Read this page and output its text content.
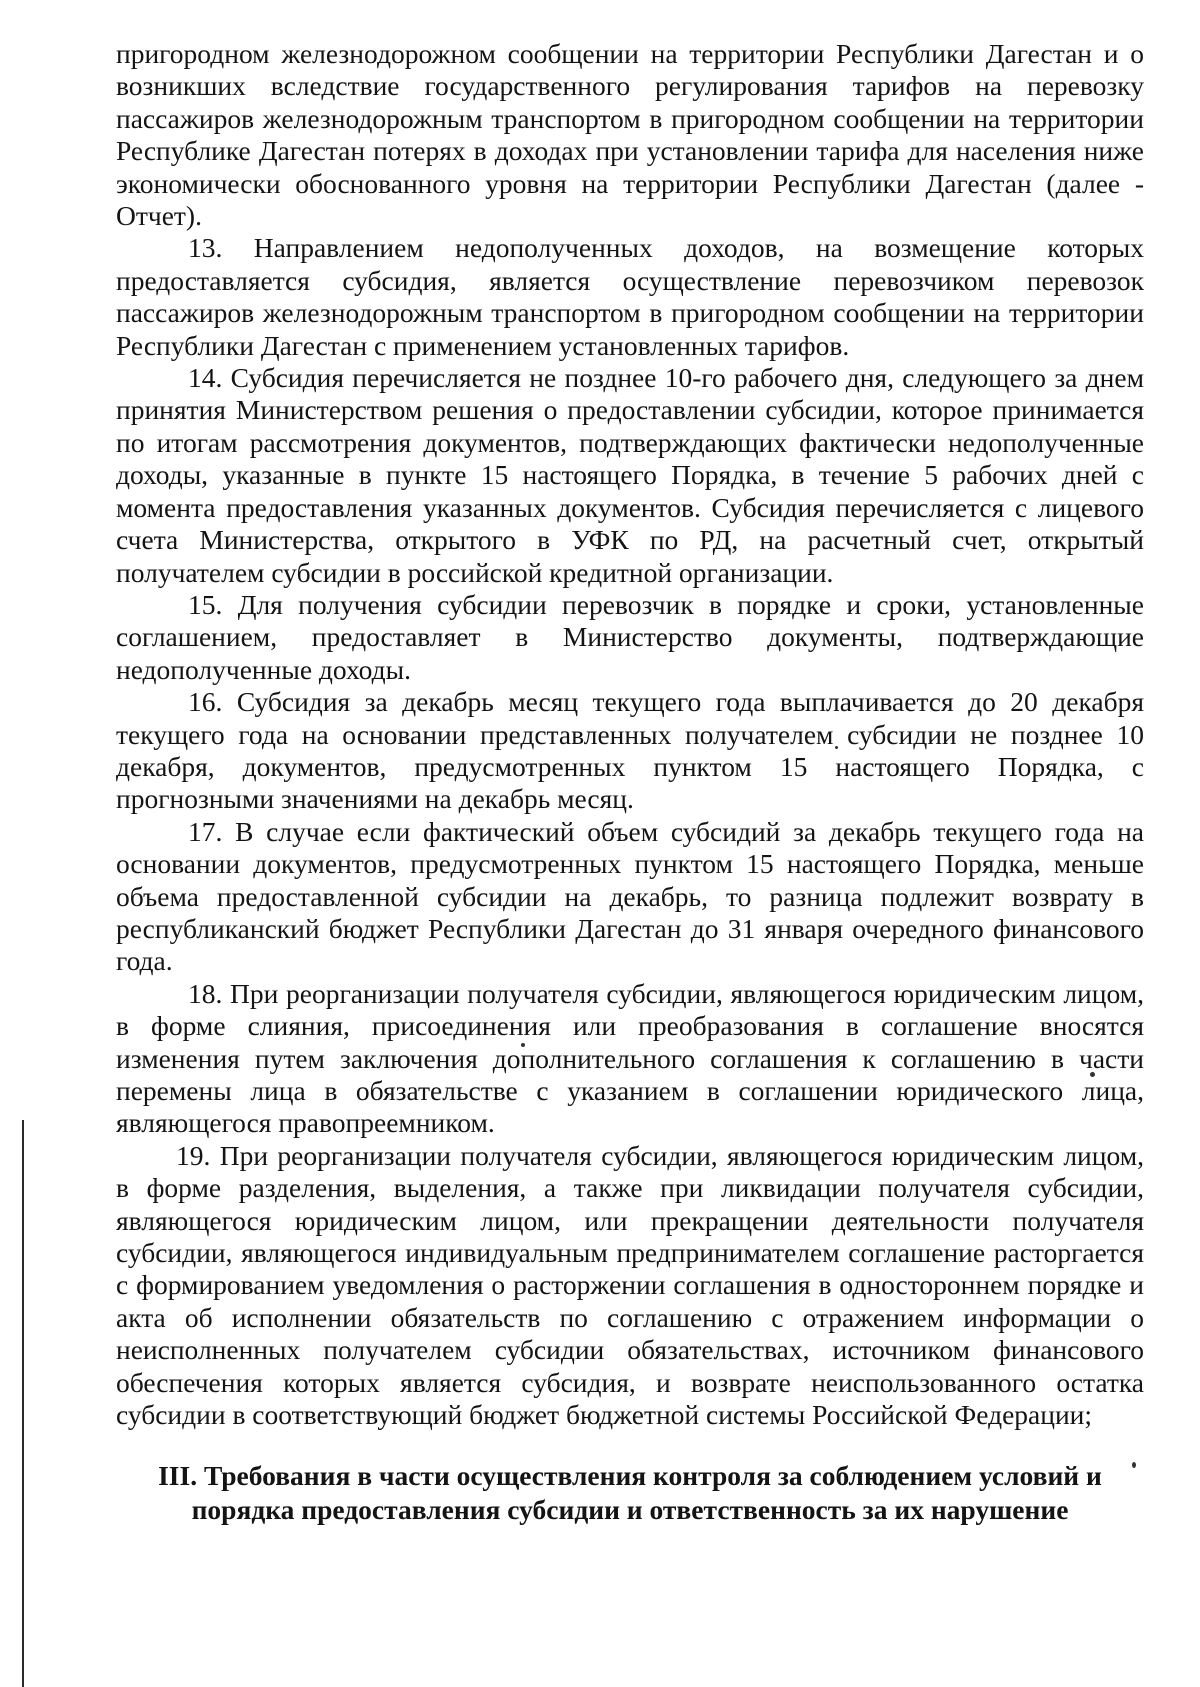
пригородном железнодорожном сообщении на территории Республики Дагестан и о возникших вследствие государственного регулирования тарифов на перевозку пассажиров железнодорожным транспортом в пригородном сообщении на территории Республике Дагестан потерях в доходах при установлении тарифа для населения ниже экономически обоснованного уровня на территории Республики Дагестан (далее - Отчет).

13. Направлением недополученных доходов, на возмещение которых предоставляется субсидия, является осуществление перевозчиком перевозок пассажиров железнодорожным транспортом в пригородном сообщении на территории Республики Дагестан с применением установленных тарифов.

14. Субсидия перечисляется не позднее 10-го рабочего дня, следующего за днем принятия Министерством решения о предоставлении субсидии, которое принимается по итогам рассмотрения документов, подтверждающих фактически недополученные доходы, указанные в пункте 15 настоящего Порядка, в течение 5 рабочих дней с момента предоставления указанных документов. Субсидия перечисляется с лицевого счета Министерства, открытого в УФК по РД, на расчетный счет, открытый получателем субсидии в российской кредитной организации.

15. Для получения субсидии перевозчик в порядке и сроки, установленные соглашением, предоставляет в Министерство документы, подтверждающие недополученные доходы.

16. Субсидия за декабрь месяц текущего года выплачивается до 20 декабря текущего года на основании представленных получателем субсидии не позднее 10 декабря, документов, предусмотренных пунктом 15 настоящего Порядка, с прогнозными значениями на декабрь месяц.

17. В случае если фактический объем субсидий за декабрь текущего года на основании документов, предусмотренных пунктом 15 настоящего Порядка, меньше объема предоставленной субсидии на декабрь, то разница подлежит возврату в республиканский бюджет Республики Дагестан до 31 января очередного финансового года.

18. При реорганизации получателя субсидии, являющегося юридическим лицом, в форме слияния, присоединения или преобразования в соглашение вносятся изменения путем заключения дополнительного соглашения к соглашению в части перемены лица в обязательстве с указанием в соглашении юридического лица, являющегося правопреемником.

19. При реорганизации получателя субсидии, являющегося юридическим лицом, в форме разделения, выделения, а также при ликвидации получателя субсидии, являющегося юридическим лицом, или прекращении деятельности получателя субсидии, являющегося индивидуальным предпринимателем соглашение расторгается с формированием уведомления о расторжении соглашения в одностороннем порядке и акта об исполнении обязательств по соглашению с отражением информации о неисполненных получателем субсидии обязательствах, источником финансового обеспечения которых является субсидия, и возврате неиспользованного остатка субсидии в соответствующий бюджет бюджетной системы Российской Федерации;

III. Требования в части осуществления контроля за соблюдением условий и
порядка предоставления субсидии и ответственность за их нарушение
